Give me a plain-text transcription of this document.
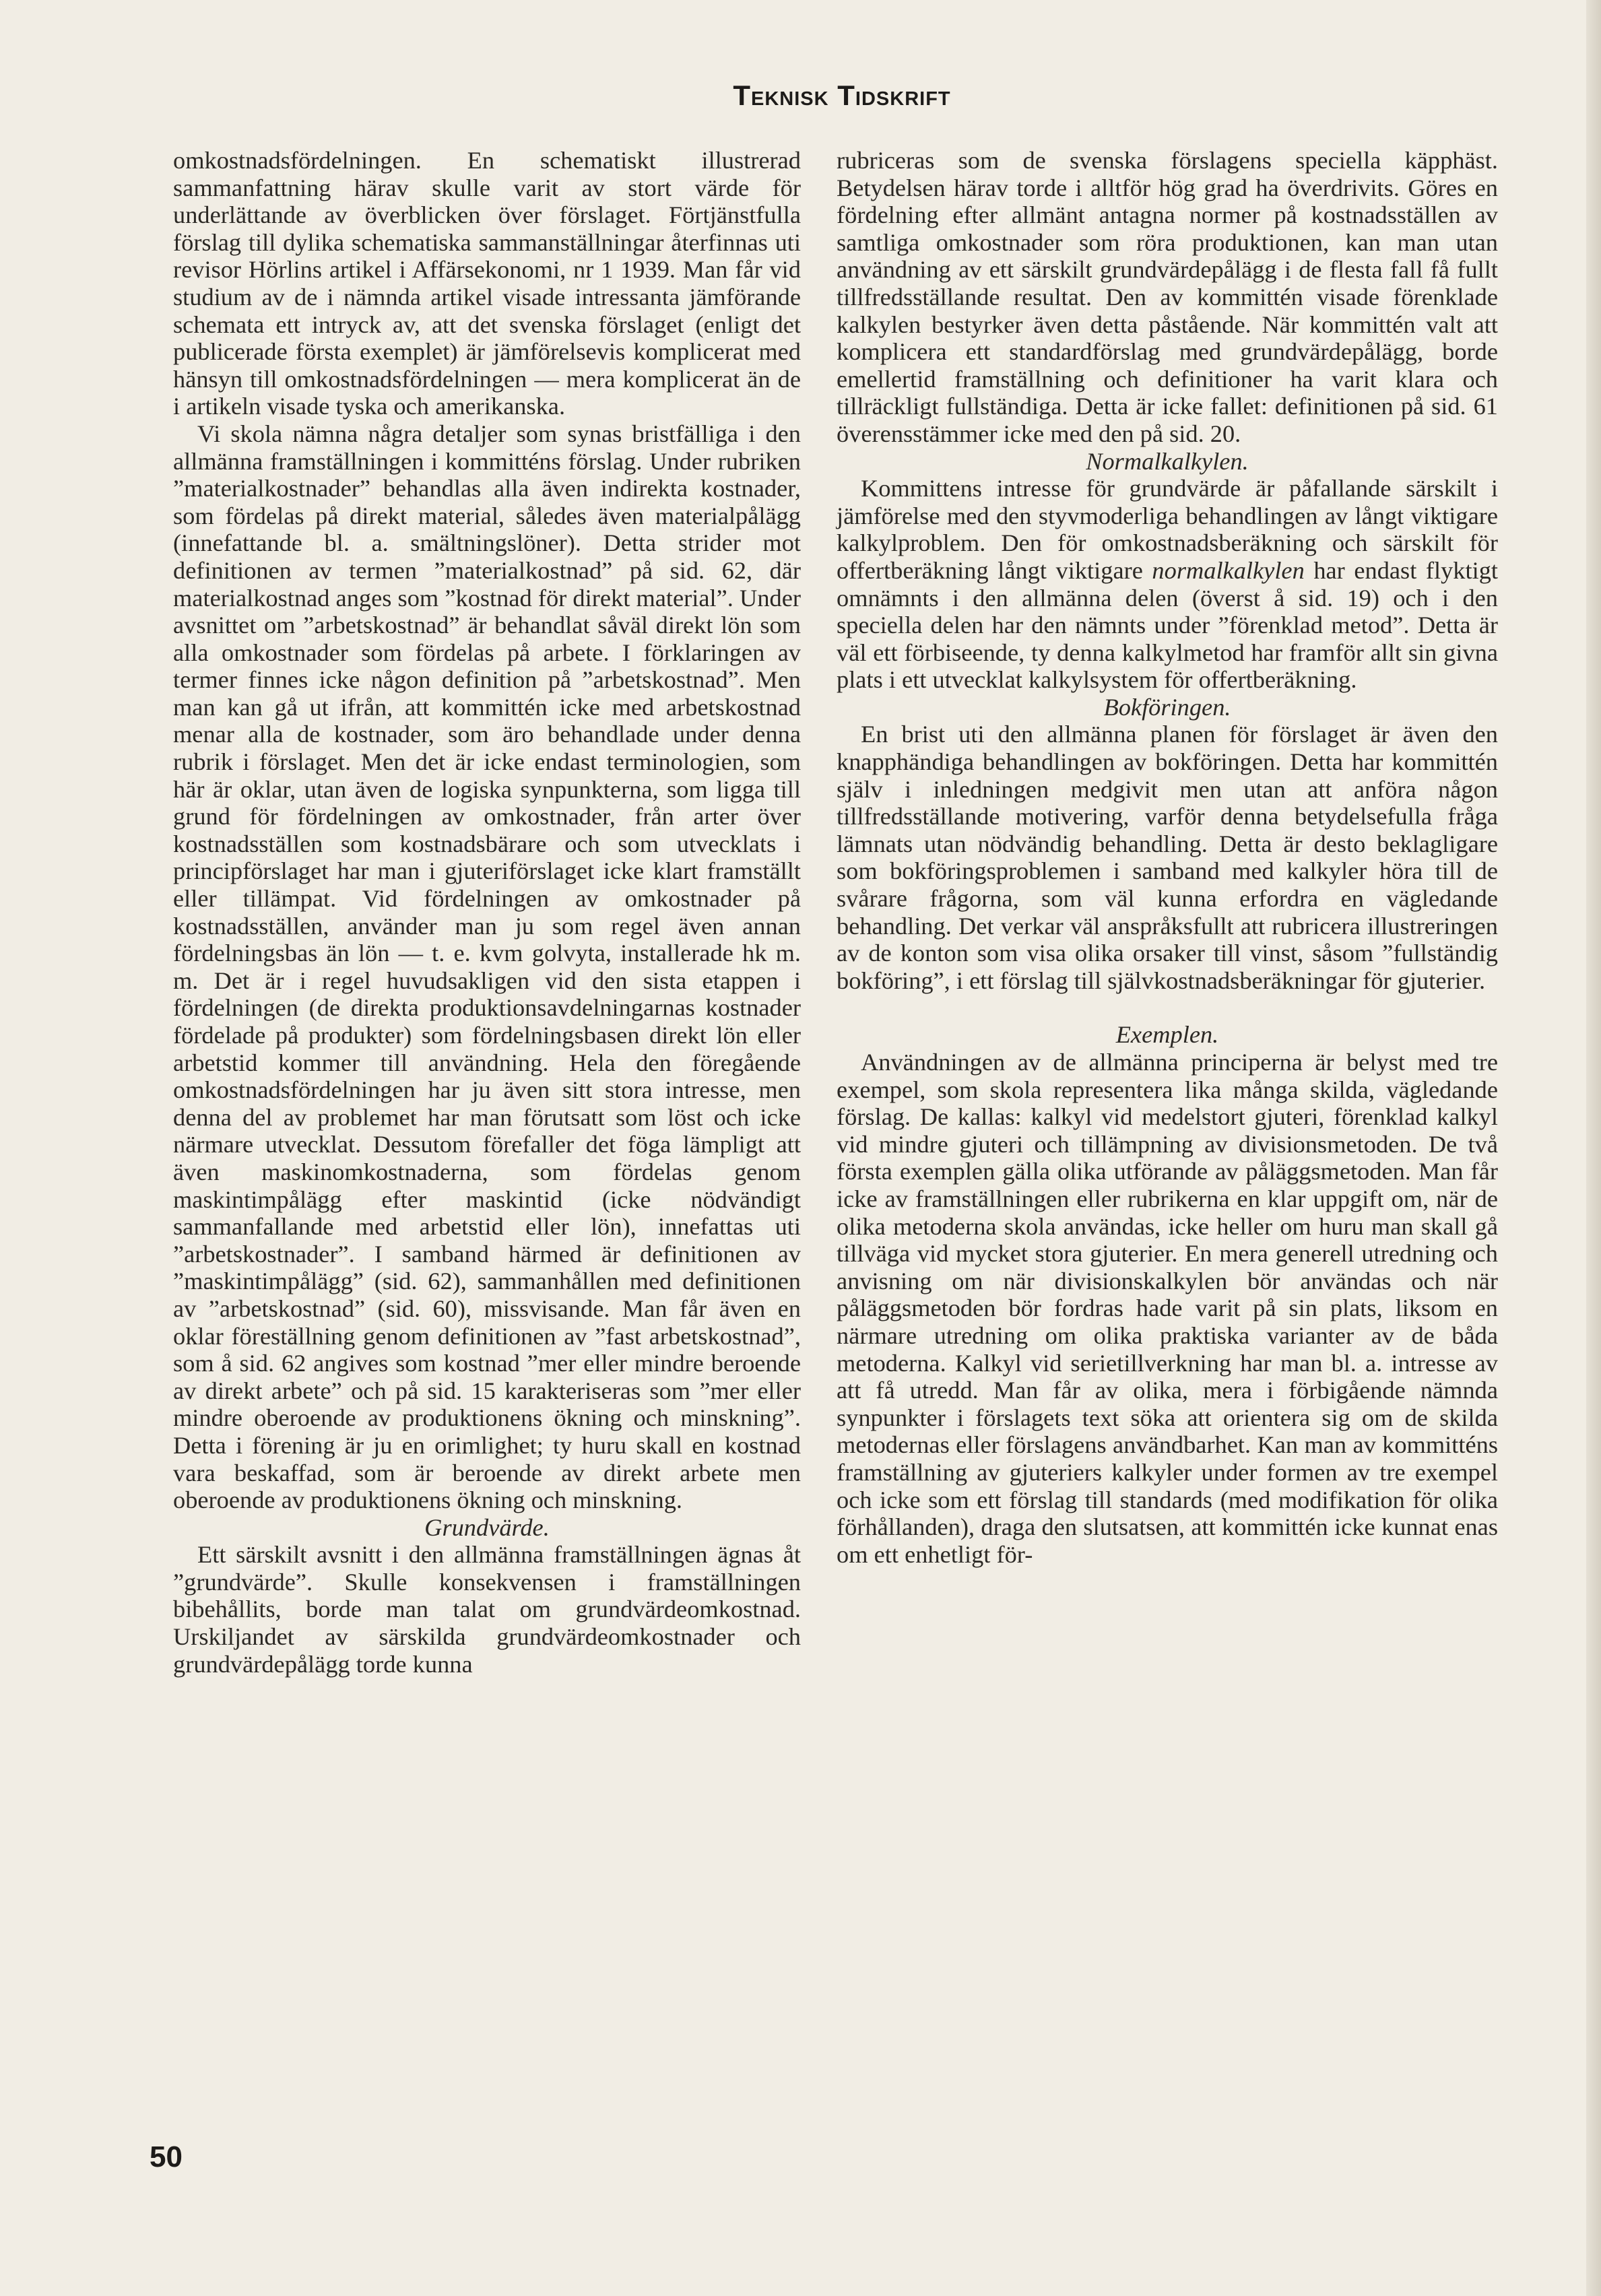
Teknisk Tidskrift

omkostnadsfördelningen. En schematiskt illustrerad sammanfattning härav skulle varit av stort värde för underlättande av överblicken över förslaget. Förtjänstfulla förslag till dylika schematiska sammanställningar återfinnas uti revisor Hörlins artikel i Affärsekonomi, nr 1 1939. Man får vid studium av de i nämnda artikel visade intressanta jämförande schemata ett intryck av, att det svenska förslaget (enligt det publicerade första exemplet) är jämförelsevis komplicerat med hänsyn till omkostnadsfördelningen — mera komplicerat än de i artikeln visade tyska och amerikanska.

Vi skola nämna några detaljer som synas bristfälliga i den allmänna framställningen i kommitténs förslag. Under rubriken ”materialkostnader” behandlas alla även indirekta kostnader, som fördelas på direkt material, således även materialpålägg (innefattande bl. a. smältningslöner). Detta strider mot definitionen av termen ”materialkostnad” på sid. 62, där materialkostnad anges som ”kostnad för direkt material”. Under avsnittet om ”arbetskostnad” är behandlat såväl direkt lön som alla omkostnader som fördelas på arbete. I förklaringen av termer finnes icke någon definition på ”arbetskostnad”. Men man kan gå ut ifrån, att kommittén icke med arbetskostnad menar alla de kostnader, som äro behandlade under denna rubrik i förslaget. Men det är icke endast terminologien, som här är oklar, utan även de logiska synpunkterna, som ligga till grund för fördelningen av omkostnader, från arter över kostnadsställen som kostnadsbärare och som utvecklats i principförslaget har man i gjuteriförslaget icke klart framställt eller tillämpat. Vid fördelningen av omkostnader på kostnadsställen, använder man ju som regel även annan fördelningsbas än lön — t. e. kvm golvyta, installerade hk m. m. Det är i regel huvudsakligen vid den sista etappen i fördelningen (de direkta produktionsavdelningarnas kostnader fördelade på produkter) som fördelningsbasen direkt lön eller arbetstid kommer till användning. Hela den föregående omkostnadsfördelningen har ju även sitt stora intresse, men denna del av problemet har man förutsatt som löst och icke närmare utvecklat. Dessutom förefaller det föga lämpligt att även maskinomkostnaderna, som fördelas genom maskintimpålägg efter maskintid (icke nödvändigt sammanfallande med arbetstid eller lön), innefattas uti ”arbetskostnader”. I samband härmed är definitionen av ”maskintimpålägg” (sid. 62), sammanhållen med definitionen av ”arbetskostnad” (sid. 60), missvisande. Man får även en oklar föreställning genom definitionen av ”fast arbetskostnad”, som å sid. 62 angives som kostnad ”mer eller mindre beroende av direkt arbete” och på sid. 15 karakteriseras som ”mer eller mindre oberoende av produktionens ökning och minskning”. Detta i förening är ju en orimlighet; ty huru skall en kostnad vara beskaffad, som är beroende av direkt arbete men oberoende av produktionens ökning och minskning.

Grundvärde.

Ett särskilt avsnitt i den allmänna framställningen ägnas åt ”grundvärde”. Skulle konsekvensen i framställningen bibehållits, borde man talat om grundvärdeomkostnad. Urskiljandet av särskilda grundvärdeomkostnader och grundvärdepålägg torde kunna

rubriceras som de svenska förslagens speciella käpphäst. Betydelsen härav torde i alltför hög grad ha överdrivits. Göres en fördelning efter allmänt antagna normer på kostnadsställen av samtliga omkostnader som röra produktionen, kan man utan användning av ett särskilt grundvärdepålägg i de flesta fall få fullt tillfredsställande resultat. Den av kommittén visade förenklade kalkylen bestyrker även detta påstående. När kommittén valt att komplicera ett standardförslag med grundvärdepålägg, borde emellertid framställning och definitioner ha varit klara och tillräckligt fullständiga. Detta är icke fallet: definitionen på sid. 61 överensstämmer icke med den på sid. 20.

Normalkalkylen.

Kommittens intresse för grundvärde är påfallande särskilt i jämförelse med den styvmoderliga behandlingen av långt viktigare kalkylproblem. Den för omkostnadsberäkning och särskilt för offertberäkning långt viktigare normalkalkylen har endast flyktigt omnämnts i den allmänna delen (överst å sid. 19) och i den speciella delen har den nämnts under ”förenklad metod”. Detta är väl ett förbiseende, ty denna kalkylmetod har framför allt sin givna plats i ett utvecklat kalkylsystem för offertberäkning.

Bokföringen.

En brist uti den allmänna planen för förslaget är även den knapphändiga behandlingen av bokföringen. Detta har kommittén själv i inledningen medgivit men utan att anföra någon tillfredsställande motivering, varför denna betydelsefulla fråga lämnats utan nödvändig behandling. Detta är desto beklagligare som bokföringsproblemen i samband med kalkyler höra till de svårare frågorna, som väl kunna erfordra en vägledande behandling. Det verkar väl anspråksfullt att rubricera illustreringen av de konton som visa olika orsaker till vinst, såsom ”fullständig bokföring”, i ett förslag till självkostnadsberäkningar för gjuterier.

Exemplen.

Användningen av de allmänna principerna är belyst med tre exempel, som skola representera lika många skilda, vägledande förslag. De kallas: kalkyl vid medelstort gjuteri, förenklad kalkyl vid mindre gjuteri och tillämpning av divisionsmetoden. De två första exemplen gälla olika utförande av påläggsmetoden. Man får icke av framställningen eller rubrikerna en klar uppgift om, när de olika metoderna skola användas, icke heller om huru man skall gå tillväga vid mycket stora gjuterier. En mera generell utredning och anvisning om när divisionskalkylen bör användas och när påläggsmetoden bör fordras hade varit på sin plats, liksom en närmare utredning om olika praktiska varianter av de båda metoderna. Kalkyl vid serietillverkning har man bl. a. intresse av att få utredd. Man får av olika, mera i förbigående nämnda synpunkter i förslagets text söka att orientera sig om de skilda metodernas eller förslagens användbarhet. Kan man av kommitténs framställning av gjuteriers kalkyler under formen av tre exempel och icke som ett förslag till standards (med modifikation för olika förhållanden), draga den slutsatsen, att kommittén icke kunnat enas om ett enhetligt för-

50
